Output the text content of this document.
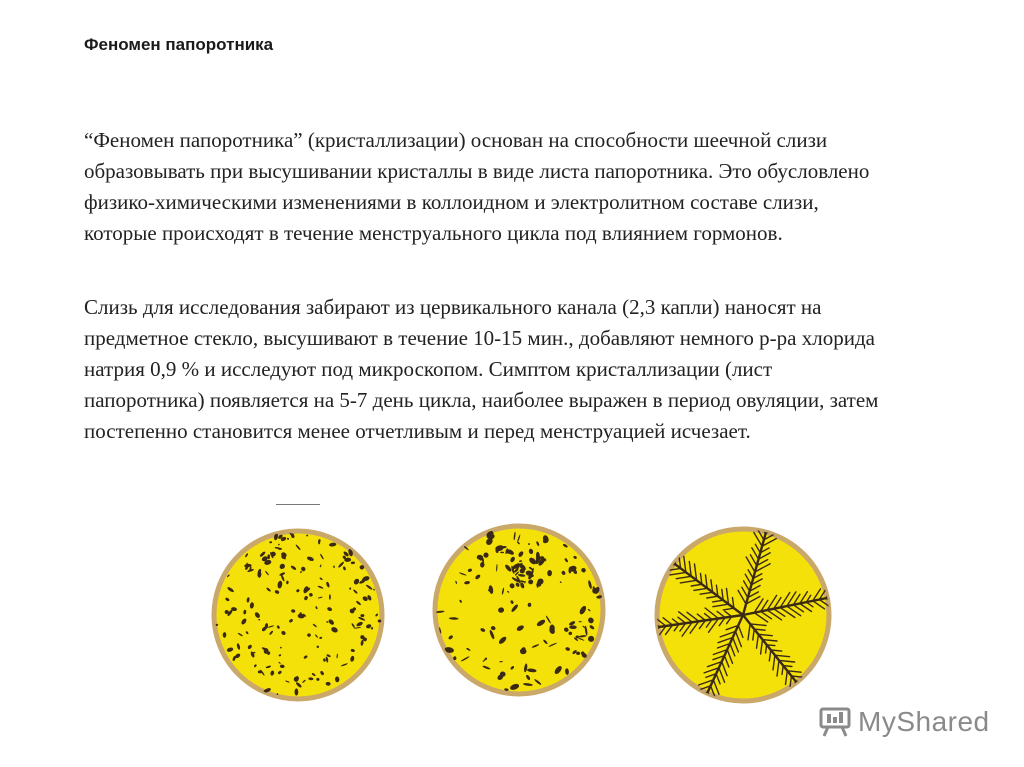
Феномен папоротника

“Феномен папоротника” (кристаллизации) основан на способности шеечной слизи образовывать при высушивании кристаллы в виде листа папоротника. Это обусловлено физико-химическими изменениями в коллоидном и электролитном составе слизи, которые происходят в течение менструального цикла под влиянием гормонов.

Слизь для исследования забирают из цервикального канала (2,3 капли) наносят на предметное стекло, высушивают в течение 10-15 мин., добавляют немного р-ра хлорида натрия 0,9 % и исследуют под микроскопом. Симптом кристаллизации (лист папоротника) появляется на 5-7 день цикла, наиболее выражен в период овуляции, затем постепенно становится менее отчетливым и перед менструацией исчезает.

MyShared
